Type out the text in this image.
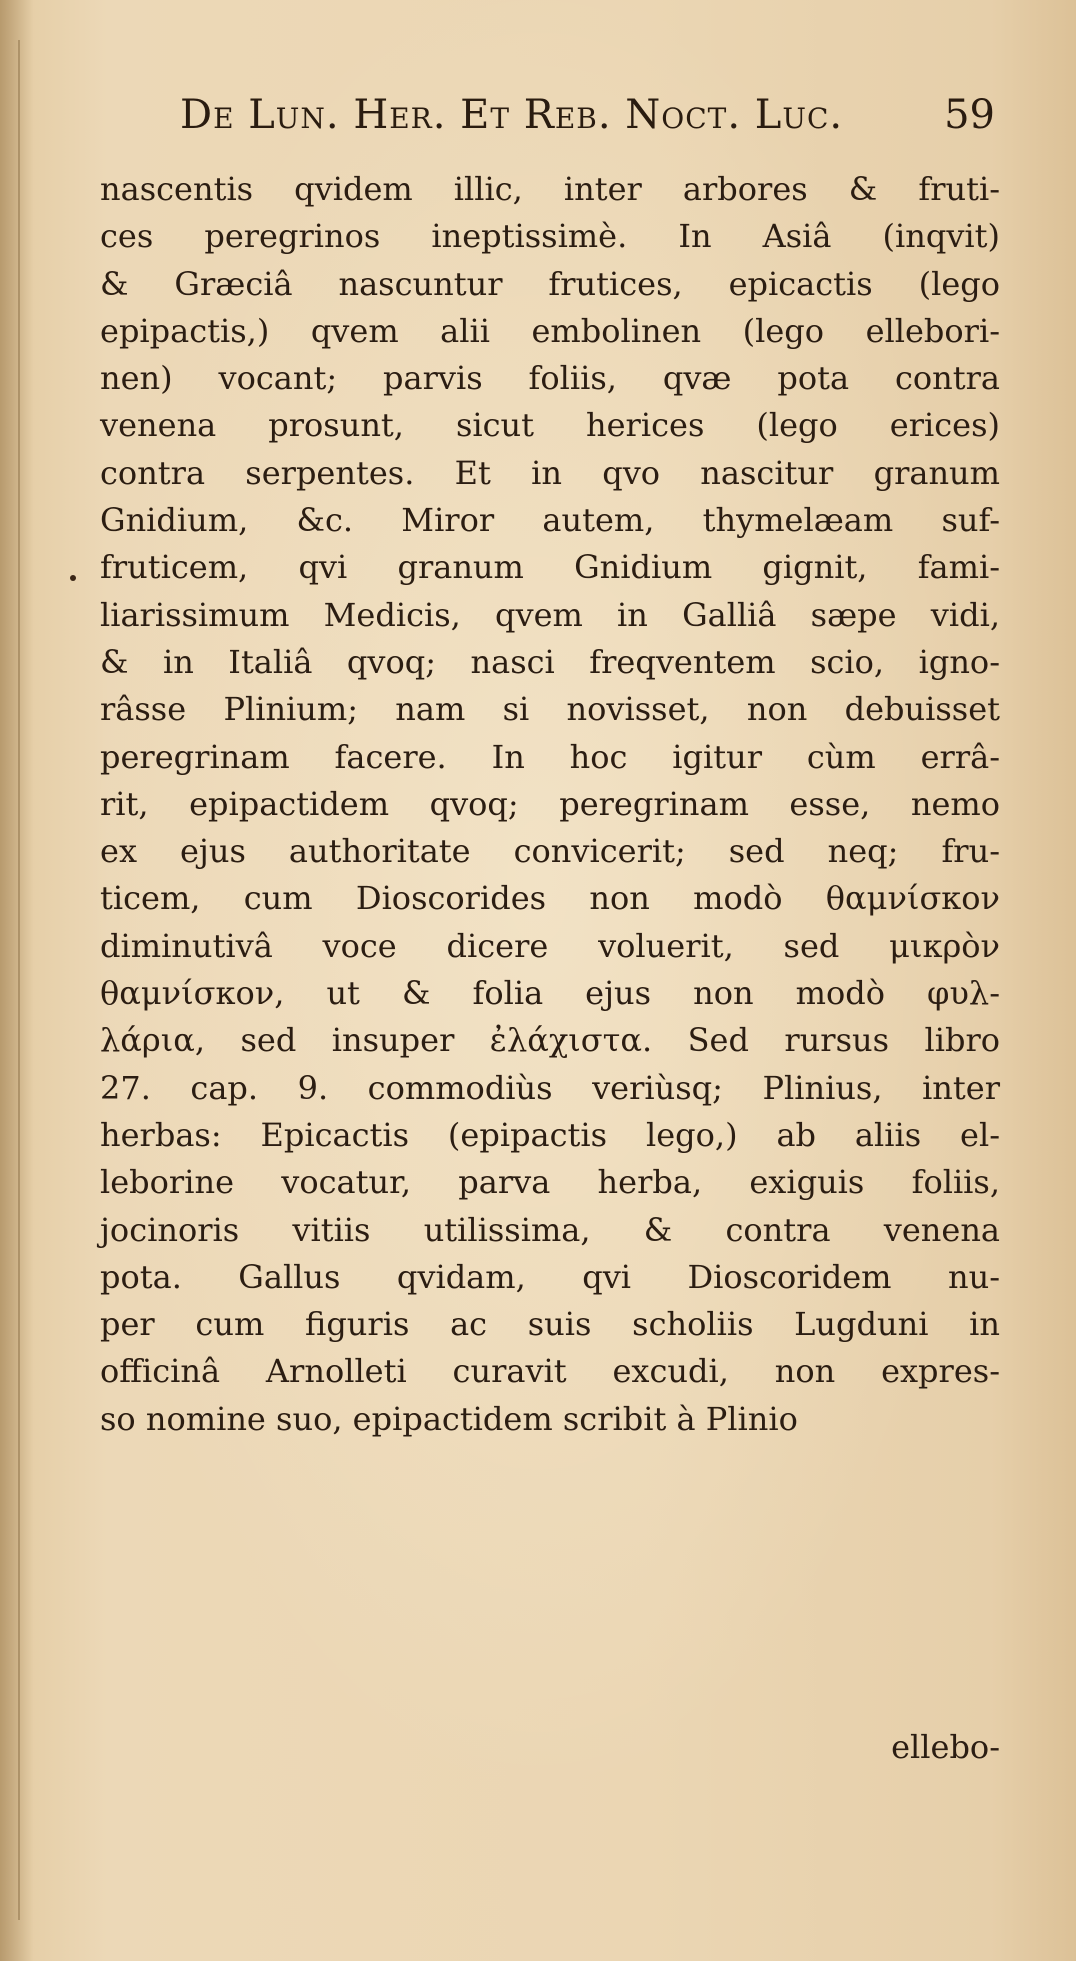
De Lun. Her. Et Reb. Noct. Luc.	59
nascentis qvidem illic, inter arbores & fruti-
ces peregrinos ineptissimè. In Asiâ (inqvit)
& Græciâ nascuntur frutices, epicactis (lego
epipactis,) qvem alii embolinen (lego ellebori-
nen) vocant; parvis foliis, qvæ pota contra
venena prosunt, sicut herices (lego erices)
contra serpentes. Et in qvo nascitur granum
Gnidium, &c. Miror autem, thymelæam suf-
fruticem, qvi granum Gnidium gignit, fami-
liarissimum Medicis, qvem in Galliâ sæpe vidi,
& in Italiâ qvoq; nasci freqventem scio, igno-
râsse Plinium; nam si novisset, non debuisset
peregrinam facere. In hoc igitur cùm errâ-
rit, epipactidem qvoq; peregrinam esse, nemo
ex ejus authoritate convicerit; sed neq; fru-
ticem, cum Dioscorides non modò θαμνίσκον
diminutivâ voce dicere voluerit, sed μικρὸν
θαμνίσκον, ut & folia ejus non modò φυλ-
λάρια, sed insuper ἐλάχιστα. Sed rursus libro
27. cap. 9. commodiùs veriùsq; Plinius, inter
herbas: Epicactis (epipactis lego,) ab aliis el-
leborine vocatur, parva herba, exiguis foliis,
jocinoris vitiis utilissima, & contra venena
pota. Gallus qvidam, qvi Dioscoridem nu-
per cum figuris ac suis scholiis Lugduni in
officinâ Arnolleti curavit excudi, non expres-
so nomine suo, epipactidem scribit à Plinio
ellebo-
